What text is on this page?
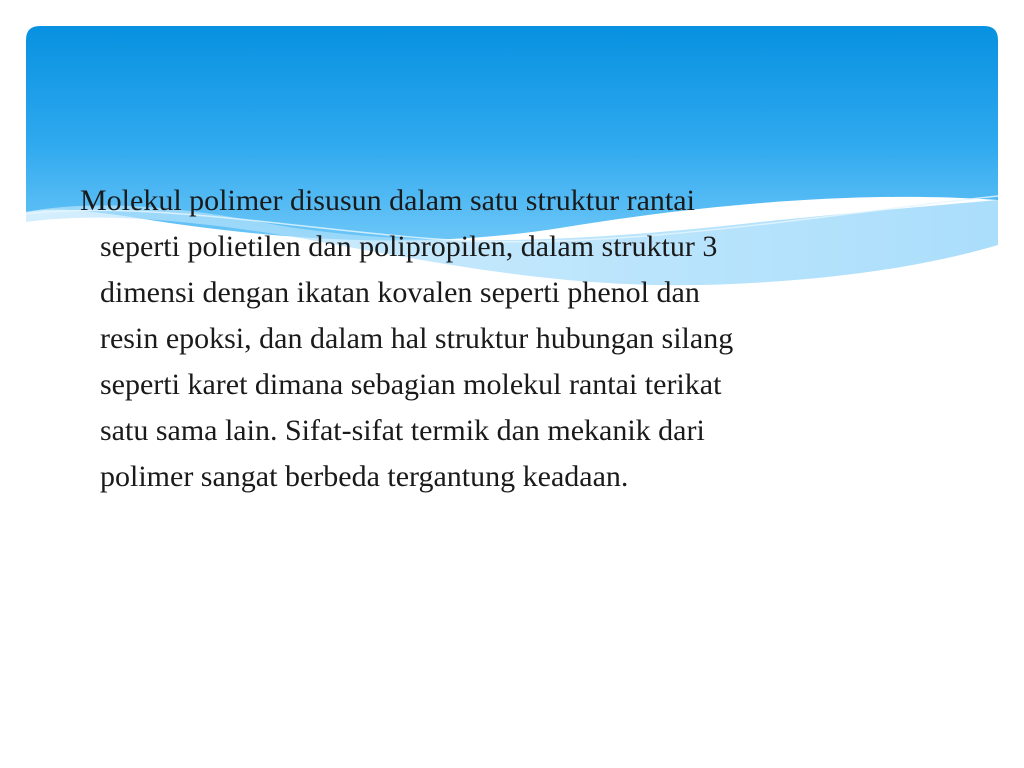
Molekul polimer disusun dalam satu struktur rantai
seperti polietilen dan polipropilen, dalam struktur 3
dimensi dengan ikatan kovalen seperti phenol dan
resin epoksi, dan dalam hal struktur hubungan silang
seperti karet dimana sebagian molekul rantai terikat
satu sama lain. Sifat-sifat termik dan mekanik dari
polimer sangat berbeda tergantung keadaan.
